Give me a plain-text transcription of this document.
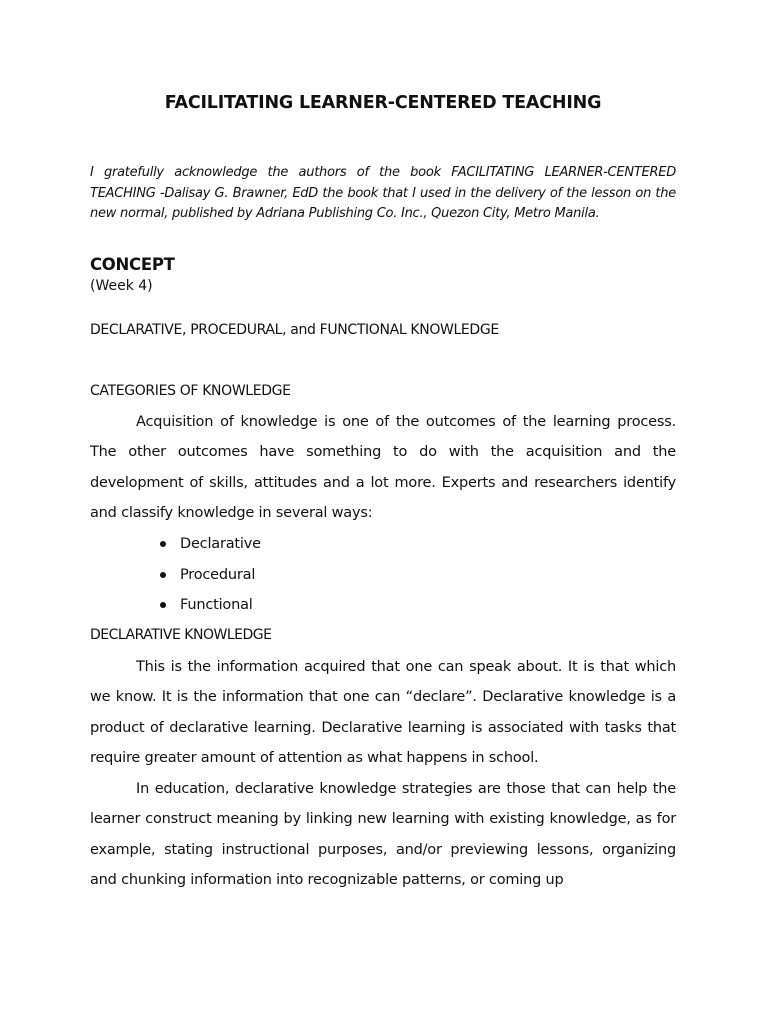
FACILITATING LEARNER-CENTERED TEACHING

I gratefully acknowledge the authors of the book FACILITATING LEARNER-CENTERED TEACHING -Dalisay G. Brawner, EdD the book that I used in the delivery of the lesson on the new normal, published by Adriana Publishing Co. Inc., Quezon City, Metro Manila.

CONCEPT

(Week 4)

DECLARATIVE, PROCEDURAL, and FUNCTIONAL KNOWLEDGE

CATEGORIES OF KNOWLEDGE

Acquisition of knowledge is one of the outcomes of the learning process. The other outcomes have something to do with the acquisition and the development of skills, attitudes and a lot more. Experts and researchers identify and classify knowledge in several ways:

Declarative
Procedural
Functional

DECLARATIVE KNOWLEDGE

This is the information acquired that one can speak about. It is that which we know. It is the information that one can “declare”. Declarative knowledge is a product of declarative learning. Declarative learning is associated with tasks that require greater amount of attention as what happens in school.

In education, declarative knowledge strategies are those that can help the learner construct meaning by linking new learning with existing knowledge, as for example, stating instructional purposes, and/or previewing lessons, organizing and chunking information into recognizable patterns, or coming up
